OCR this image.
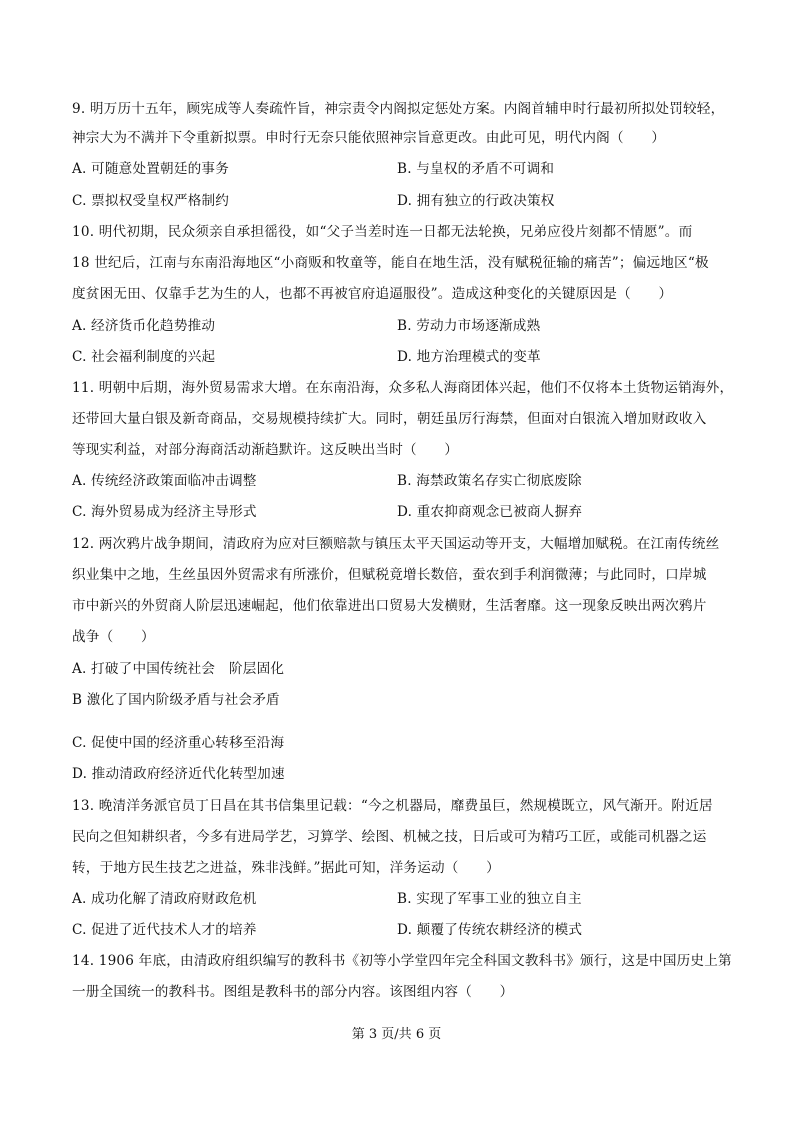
9. 明万历十五年，顾宪成等人奏疏忤旨，神宗责令内阁拟定惩处方案。内阁首辅申时行最初所拟处罚较轻，
神宗大为不满并下令重新拟票。申时行无奈只能依照神宗旨意更改。由此可见，明代内阁（　　）
A. 可随意处置朝廷的事务	B. 与皇权的矛盾不可调和
C. 票拟权受皇权严格制约	D. 拥有独立的行政决策权
10. 明代初期，民众须亲自承担徭役，如“父子当差时连一日都无法轮换，兄弟应役片刻都不情愿”。而
18 世纪后，江南与东南沿海地区“小商贩和牧童等，能自在地生活，没有赋税征输的痛苦”；偏远地区“极
度贫困无田、仅靠手艺为生的人，也都不再被官府追逼服役”。造成这种变化的关键原因是（　　）
A. 经济货币化趋势推动	B. 劳动力市场逐渐成熟
C. 社会福利制度的兴起	D. 地方治理模式的变革
11. 明朝中后期，海外贸易需求大增。在东南沿海，众多私人海商团体兴起，他们不仅将本土货物运销海外，
还带回大量白银及新奇商品，交易规模持续扩大。同时，朝廷虽厉行海禁，但面对白银流入增加财政收入
等现实利益，对部分海商活动渐趋默许。这反映出当时（　　）
A. 传统经济政策面临冲击调整	B. 海禁政策名存实亡彻底废除
C. 海外贸易成为经济主导形式	D. 重农抑商观念已被商人摒弃
12. 两次鸦片战争期间，清政府为应对巨额赔款与镇压太平天国运动等开支，大幅增加赋税。在江南传统丝
织业集中之地，生丝虽因外贸需求有所涨价，但赋税竟增长数倍，蚕农到手利润微薄；与此同时，口岸城
市中新兴的外贸商人阶层迅速崛起，他们依靠进出口贸易大发横财，生活奢靡。这一现象反映出两次鸦片
战争（　　）
A. 打破了中国传统社会　阶层固化
B 激化了国内阶级矛盾与社会矛盾
C. 促使中国的经济重心转移至沿海
D. 推动清政府经济近代化转型加速
13. 晚清洋务派官员丁日昌在其书信集里记载：“今之机器局，靡费虽巨，然规模既立，风气渐开。附近居
民向之但知耕织者，今多有进局学艺，习算学、绘图、机械之技，日后或可为精巧工匠，或能司机器之运
转，于地方民生技艺之进益，殊非浅鲜。”据此可知，洋务运动（　　）
A. 成功化解了清政府财政危机	B. 实现了军事工业的独立自主
C. 促进了近代技术人才的培养	D. 颠覆了传统农耕经济的模式
14. 1906 年底，由清政府组织编写的教科书《初等小学堂四年完全科国文教科书》颁行，这是中国历史上第
一册全国统一的教科书。图组是教科书的部分内容。该图组内容（　　）
第 3 页/共 6 页
